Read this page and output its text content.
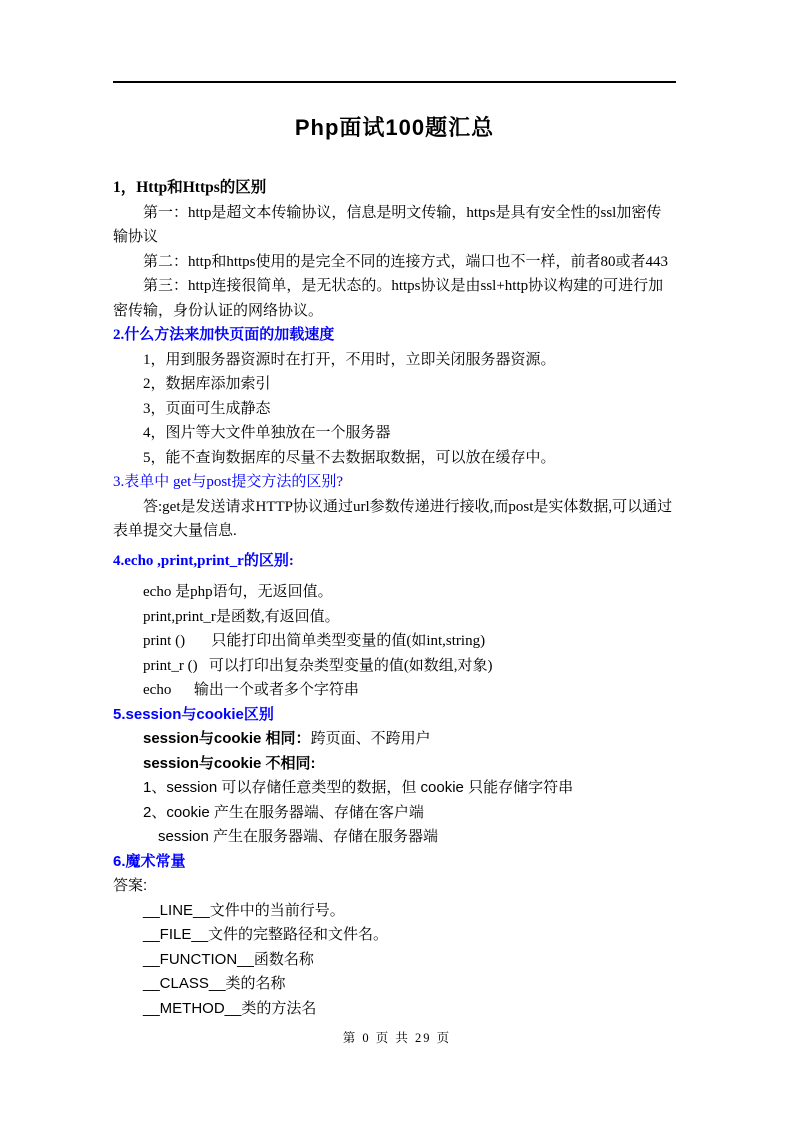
Php面试100题汇总
1，Http和Https的区别

第一：http是超文本传输协议，信息是明文传输，https是具有安全性的ssl加密传输协议

第二：http和https使用的是完全不同的连接方式，端口也不一样，前者80或者443

第三：http连接很简单，是无状态的。https协议是由ssl+http协议构建的可进行加密传输，身份认证的网络协议。

2.什么方法来加快页面的加载速度

1，用到服务器资源时在打开，不用时，立即关闭服务器资源。

2，数据库添加索引

3，页面可生成静态

4，图片等大文件单独放在一个服务器

5，能不查询数据库的尽量不去数据取数据，可以放在缓存中。

3.表单中 get与post提交方法的区别?

答:get是发送请求HTTP协议通过url参数传递进行接收,而post是实体数据,可以通过表单提交大量信息.

4.echo ,print,print_r的区别:

echo 是php语句，无返回值。

print,print_r是函数,有返回值。

print ()       只能打印出简单类型变量的值(如int,string)

print_r ()   可以打印出复杂类型变量的值(如数组,对象)

echo      输出一个或者多个字符串

5.session与cookie区别

session与cookie 相同：跨页面、不跨用户

session与cookie 不相同:

1、session 可以存储任意类型的数据，但 cookie 只能存储字符串

2、cookie 产生在服务器端、存储在客户端

session 产生在服务器端、存储在服务器端

6.魔术常量

答案:

__LINE__文件中的当前行号。

__FILE__文件的完整路径和文件名。

__FUNCTION__函数名称

__CLASS__类的名称

__METHOD__类的方法名

第 0 页 共 29 页
